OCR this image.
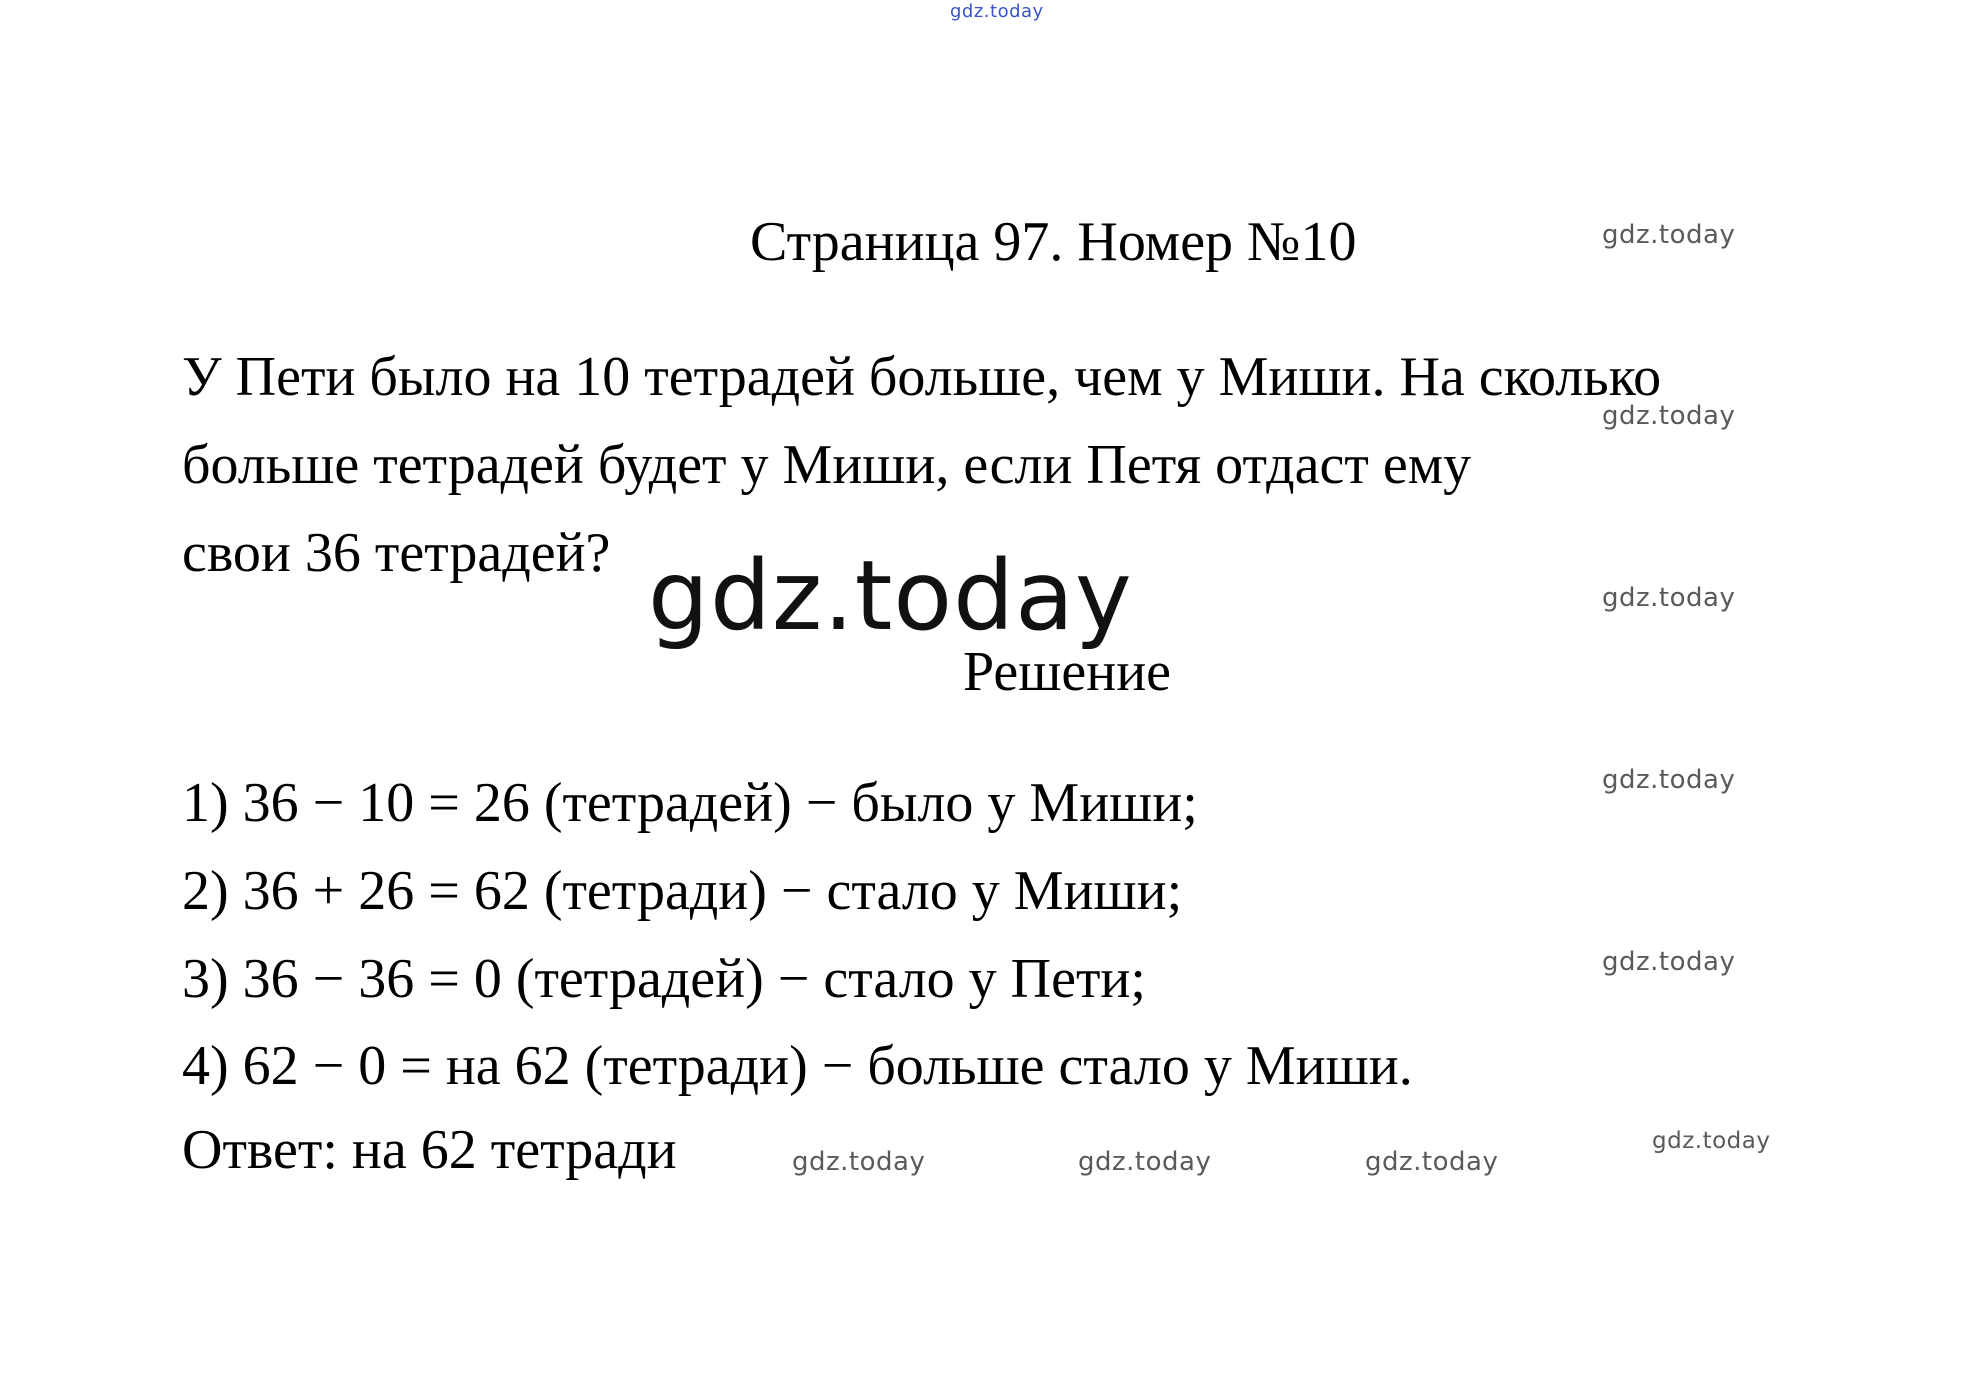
gdz.today
gdz.today
gdz.today
gdz.today
gdz.today
gdz.today
gdz.today
gdz.today	gdz.today	gdz.today
gdz.today
Страница 97. Номер №10
У Пети было на 10 тетрадей больше, чем у Миши. На сколько
больше тетрадей будет у Миши, если Петя отдаст ему
свои 36 тетрадей?
Решение
1) 36 − 10 = 26 (тетрадей) − было у Миши;
2) 36 + 26 = 62 (тетради) − стало у Миши;
3) 36 − 36 = 0 (тетрадей) − стало у Пети;
4) 62 − 0 = на 62 (тетради) − больше стало у Миши.
Ответ: на 62 тетради
